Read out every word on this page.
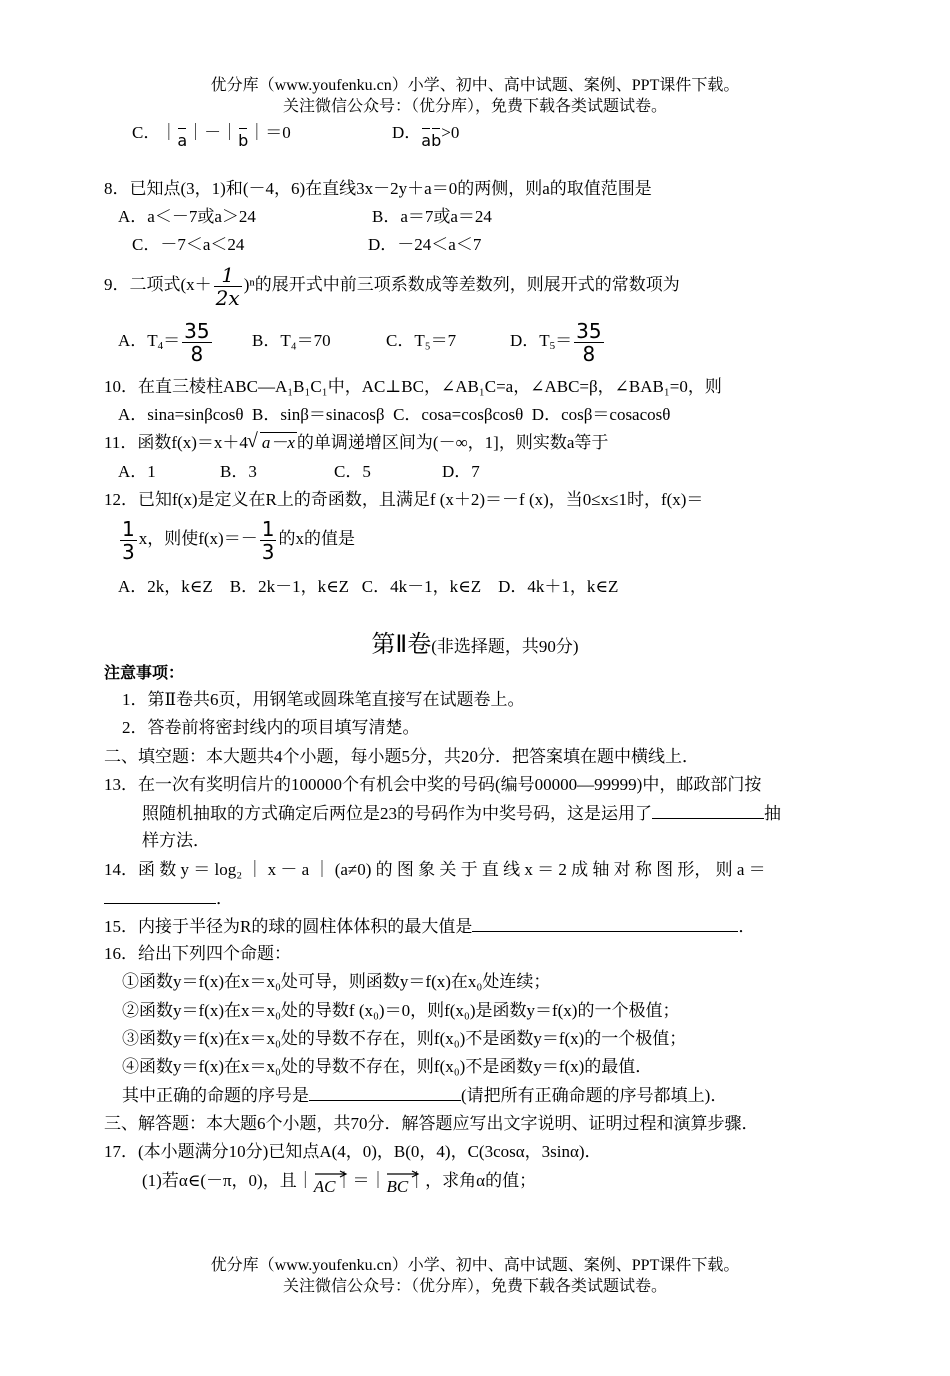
优分库（www.youfenku.cn）小学、初中、高中试题、案例、PPT课件下载。
关注微信公众号：（优分库），免费下载各类试题试卷。
C．｜a｜－｜b｜＝0	D．ab>0
8．已知点(3，1)和(－4，6)在直线3x－2y＋a＝0的两侧，则a的取值范围是
A．a＜－7或a＞24	B．a＝7或a＝24
C．－7＜a＜24	D．－24＜a＜7
9．二项式$(x+ \frac{1}{2x} )^n$的展开式中前三项系数成等差数列，则展开式的常数项为
A．$T_4= \frac{35}{8}$ B．T₄＝70	C．T₅＝7	D．$T_5= \frac{35}{8}$
10．在直三棱柱ABC—A₁B₁C₁中，AC⊥BC，∠AB₁C=a，∠ABC=β，∠BAB₁=0，则
A．sina=sinβcosθ  B．sinβ＝sinacosβ  C．cosa=cosβcosθ  D．cosβ＝cosacosθ
11．函数f(x)＝x＋4√ a－x 的单调递增区间为(－∞，1]，则实数a等于
A．1	B．3	C．5	D．7
12．已知f(x)是定义在R上的奇函数，且满足f (x＋2)＝－f (x)，当0≤x≤1时，f(x)＝
$\frac{1}{3}$ x，则使$f(x)=- \frac{1}{3}$ 的x的值是
A．2k，k∈Z    B．2k－1，k∈Z   C．4k－1，k∈Z    D．4k＋1，k∈Z
第Ⅱ卷(非选择题，共90分)
注意事项：
1．第Ⅱ卷共6页，用钢笔或圆珠笔直接写在试题卷上。
2．答卷前将密封线内的项目填写清楚。
二、填空题：本大题共4个小题，每小题5分，共20分．把答案填在题中横线上．
13．在一次有奖明信片的100000个有机会中奖的号码(编号00000—99999)中，邮政部门按
照随机抽取的方式确定后两位是23的号码作为中奖号码，这是运用了	抽
样方法．
14．函 数 y ＝ log₂ ｜ x － a ｜ (a≠0) 的 图 象 关 于 直 线 x ＝ 2 成 轴 对 称 图 形， 则 a ＝
．
15．内接于半径为R的球的圆柱体体积的最大值是	．
16．给出下列四个命题：
①函数y＝f(x)在x＝x₀处可导，则函数y＝f(x)在x₀处连续；
②函数y＝f(x)在x＝x₀处的导数f (x₀)＝0，则f(x₀)是函数y＝f(x)的一个极值；
③函数y＝f(x)在x＝x₀处的导数不存在，则f(x₀)不是函数y＝f(x)的一个极值；
④函数y＝f(x)在x＝x₀处的导数不存在，则f(x₀)不是函数y＝f(x)的最值．
其中正确的命题的序号是	(请把所有正确命题的序号都填上)．
三、解答题：本大题6个小题，共70分．解答题应写出文字说明、证明过程和演算步骤．
17．(本小题满分10分)已知点A(4，0)，B(0，4)，C(3cosα，3sinα)．
(1)若α∈(－π，0)，且｜
AC｜＝｜
BC｜，求角α的值；
优分库（www.youfenku.cn）小学、初中、高中试题、案例、PPT课件下载。
关注微信公众号：（优分库），免费下载各类试题试卷。
